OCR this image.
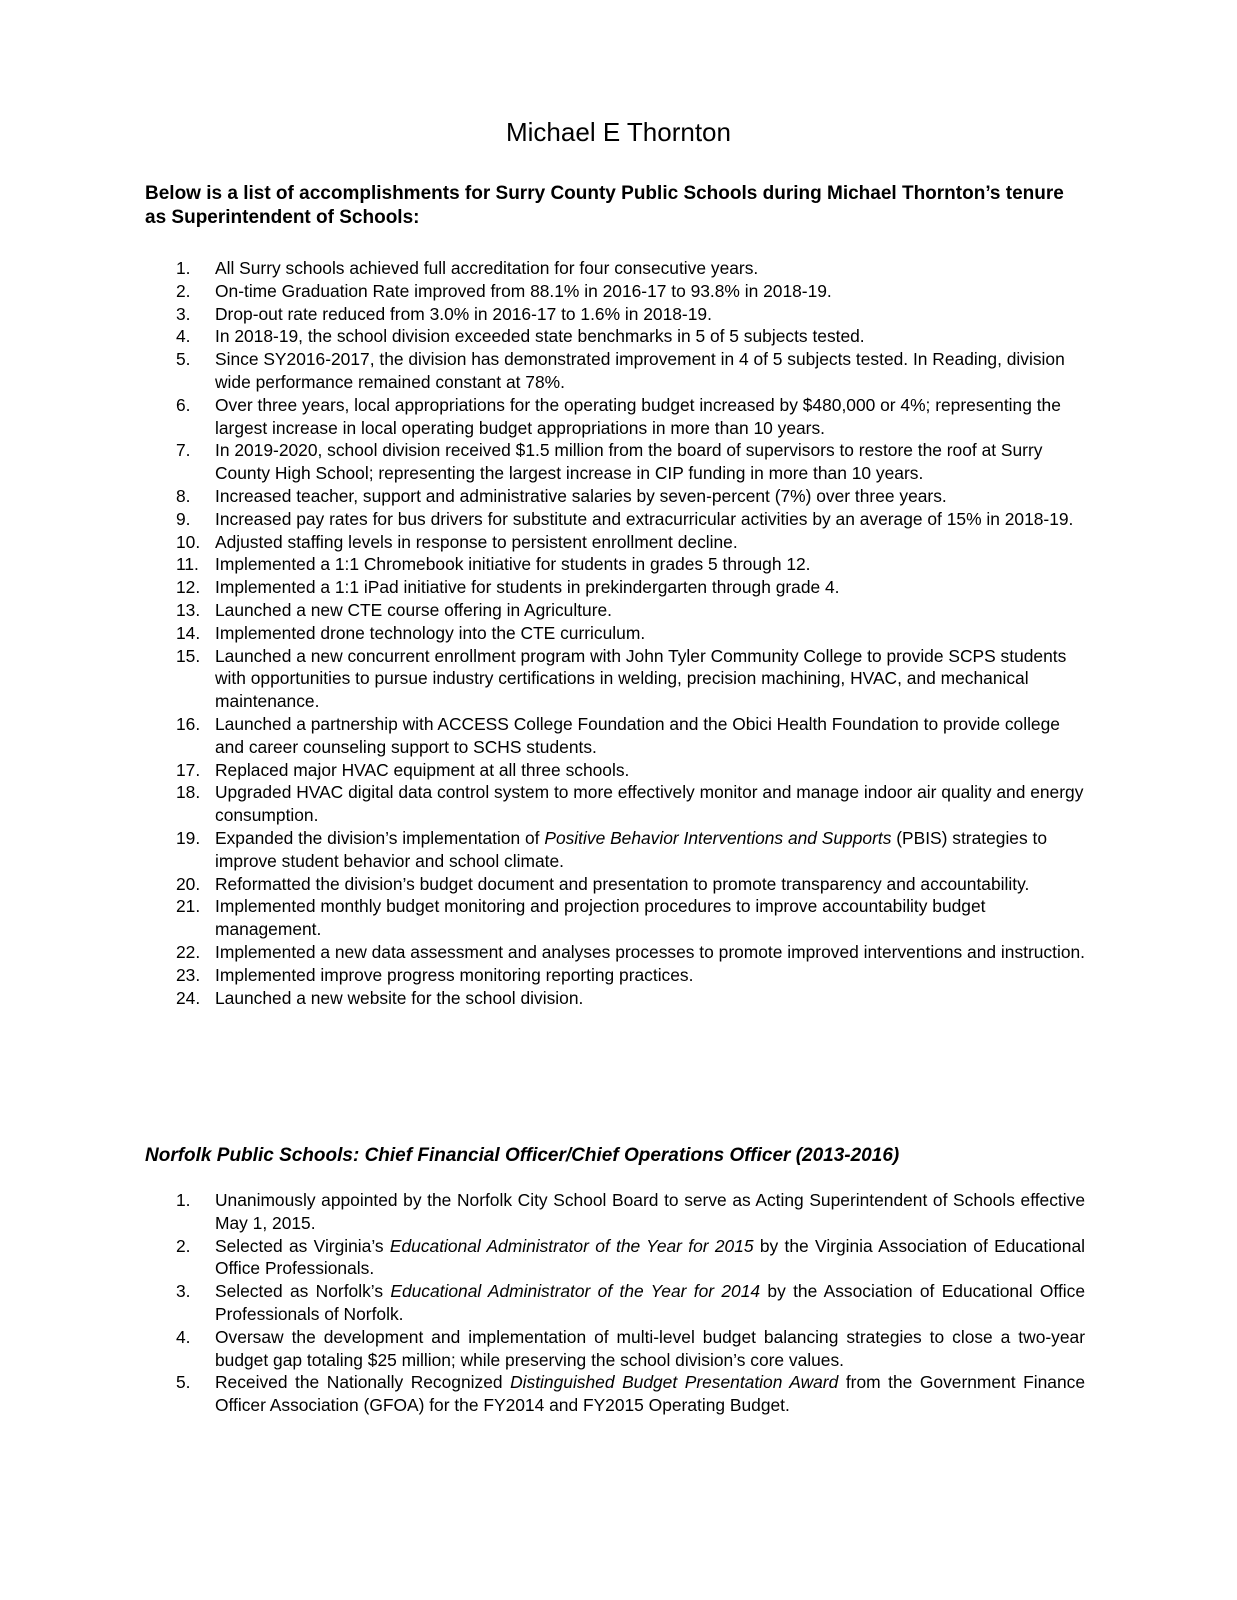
Michael E Thornton
Below is a list of accomplishments for Surry County Public Schools during Michael Thornton’s tenure as Superintendent of Schools:
1.	All Surry schools achieved full accreditation for four consecutive years.
2.	On-time Graduation Rate improved from 88.1% in 2016-17 to 93.8% in 2018-19.
3.	Drop-out rate reduced from 3.0% in 2016-17 to 1.6% in 2018-19.
4.	In 2018-19, the school division exceeded state benchmarks in 5 of 5 subjects tested.
5.	Since SY2016-2017, the division has demonstrated improvement in 4 of 5 subjects tested. In Reading, division wide performance remained constant at 78%.
6.	Over three years, local appropriations for the operating budget increased by $480,000 or 4%; representing the largest increase in local operating budget appropriations in more than 10 years.
7.	In 2019-2020, school division received $1.5 million from the board of supervisors to restore the roof at Surry County High School; representing the largest increase in CIP funding in more than 10 years.
8.	Increased teacher, support and administrative salaries by seven-percent (7%) over three years.
9.	Increased pay rates for bus drivers for substitute and extracurricular activities by an average of 15% in 2018-19.
10. Adjusted staffing levels in response to persistent enrollment decline.
11. Implemented a 1:1 Chromebook initiative for students in grades 5 through 12.
12. Implemented a 1:1 iPad initiative for students in prekindergarten through grade 4.
13. Launched a new CTE course offering in Agriculture.
14. Implemented drone technology into the CTE curriculum.
15. Launched a new concurrent enrollment program with John Tyler Community College to provide SCPS students with opportunities to pursue industry certifications in welding, precision machining, HVAC, and mechanical maintenance.
16. Launched a partnership with ACCESS College Foundation and the Obici Health Foundation to provide college and career counseling support to SCHS students.
17. Replaced major HVAC equipment at all three schools.
18. Upgraded HVAC digital data control system to more effectively monitor and manage indoor air quality and energy consumption.
19. Expanded the division’s implementation of Positive Behavior Interventions and Supports (PBIS) strategies to improve student behavior and school climate.
20. Reformatted the division’s budget document and presentation to promote transparency and accountability.
21. Implemented monthly budget monitoring and projection procedures to improve accountability budget management.
22. Implemented a new data assessment and analyses processes to promote improved interventions and instruction.
23. Implemented improve progress monitoring reporting practices.
24. Launched a new website for the school division.
Norfolk Public Schools: Chief Financial Officer/Chief Operations Officer (2013-2016)
1.	Unanimously appointed by the Norfolk City School Board to serve as Acting Superintendent of Schools effective May 1, 2015.
2.	Selected as Virginia’s Educational Administrator of the Year for 2015 by the Virginia Association of Educational Office Professionals.
3.	Selected as Norfolk’s Educational Administrator of the Year for 2014 by the Association of Educational Office Professionals of Norfolk.
4.	Oversaw the development and implementation of multi-level budget balancing strategies to close a two-year budget gap totaling $25 million; while preserving the school division’s core values.
5.	Received the Nationally Recognized Distinguished Budget Presentation Award from the Government Finance Officer Association (GFOA) for the FY2014 and FY2015 Operating Budget.
